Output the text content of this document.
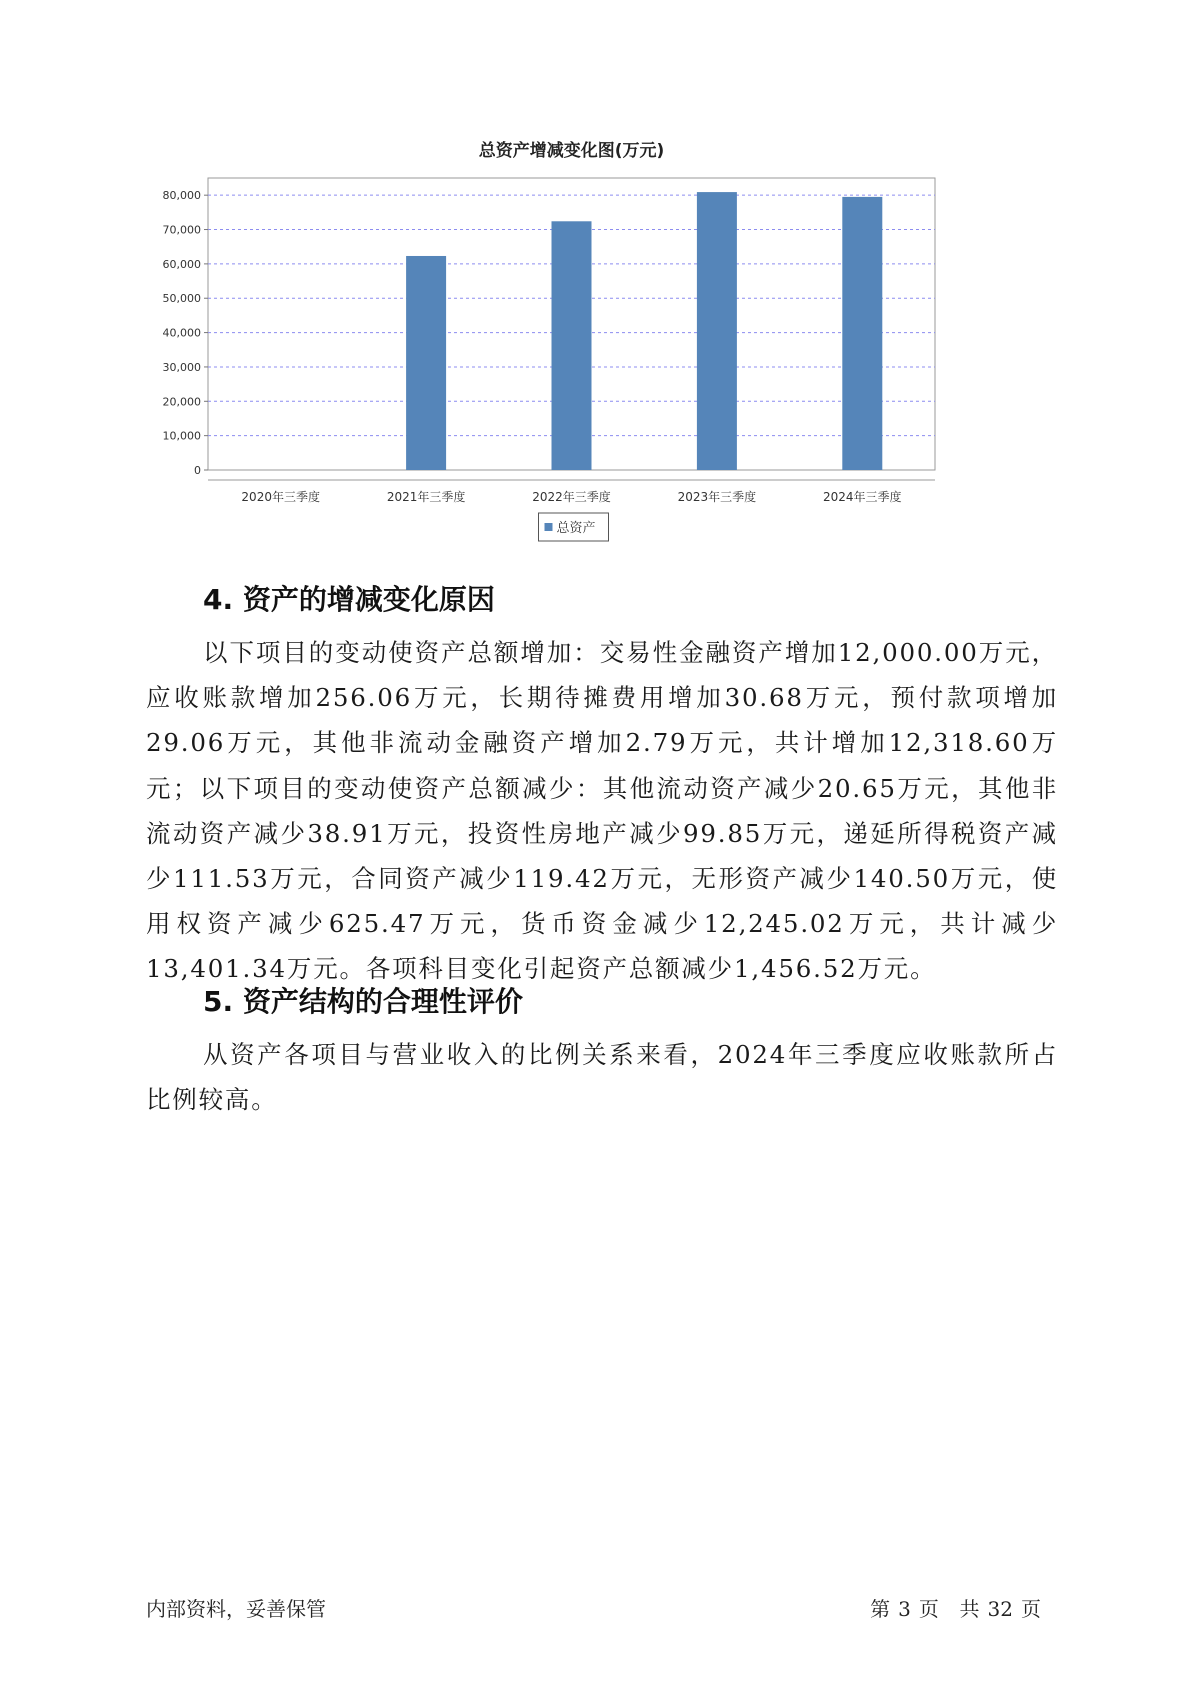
总资产增减变化图(万元)
0
10,000
20,000
30,000
40,000
50,000
60,000
70,000
80,000
2020年三季度	2021年三季度	2022年三季度	2023年三季度	2024年三季度
总资产
4. 资产的增减变化原因

以下项目的变动使资产总额增加：交易性金融资产增加12,000.00万元，应收账款增加256.06万元，长期待摊费用增加30.68万元，预付款项增加29.06万元，其他非流动金融资产增加2.79万元，共计增加12,318.60万元；以下项目的变动使资产总额减少：其他流动资产减少20.65万元，其他非流动资产减少38.91万元，投资性房地产减少99.85万元，递延所得税资产减少111.53万元，合同资产减少119.42万元，无形资产减少140.50万元，使用权资产减少625.47万元，货币资金减少12,245.02万元，共计减少13,401.34万元。各项科目变化引起资产总额减少1,456.52万元。

5. 资产结构的合理性评价

从资产各项目与营业收入的比例关系来看，2024年三季度应收账款所占比例较高。

内部资料，妥善保管	第 3 页 共 32 页
